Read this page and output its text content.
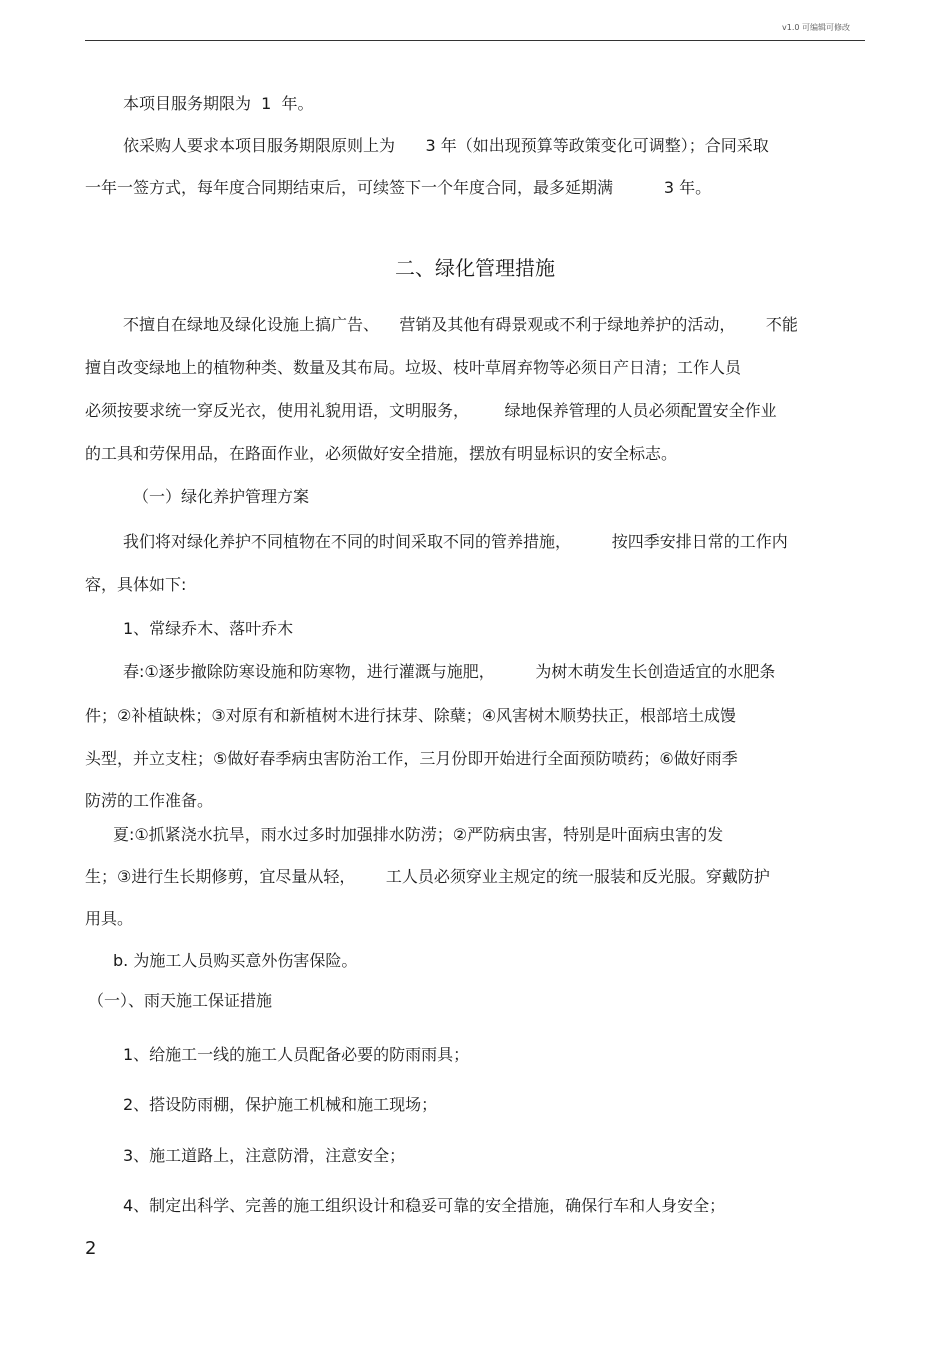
v1.0 可编辑可修改
本项目服务期限为  1  年。
依采购人要求本项目服务期限原则上为      3 年（如出现预算等政策变化可调整）；合同采取
一年一签方式，每年度合同期结束后，可续签下一个年度合同，最多延期满          3 年。
二、绿化管理措施
不擅自在绿地及绿化设施上搞广告、    营销及其他有碍景观或不利于绿地养护的活动，      不能
擅自改变绿地上的植物种类、数量及其布局。垃圾、枝叶草屑弃物等必须日产日清；工作人员
必须按要求统一穿反光衣，使用礼貌用语，文明服务，       绿地保养管理的人员必须配置安全作业
的工具和劳保用品，在路面作业，必须做好安全措施，摆放有明显标识的安全标志。
（一）绿化养护管理方案
我们将对绿化养护不同植物在不同的时间采取不同的管养措施，        按四季安排日常的工作内
容，具体如下:
1、常绿乔木、落叶乔木
春:①逐步撤除防寒设施和防寒物，进行灌溉与施肥，        为树木萌发生长创造适宜的水肥条
件；②补植缺株；③对原有和新植树木进行抹芽、除蘖；④风害树木顺势扶正，根部培土成馒
头型，并立支柱；⑤做好春季病虫害防治工作，三月份即开始进行全面预防喷药；⑥做好雨季
防涝的工作准备。
夏:①抓紧浇水抗旱，雨水过多时加强排水防涝；②严防病虫害，特别是叶面病虫害的发
生；③进行生长期修剪，宜尽量从轻，      工人员必须穿业主规定的统一服装和反光服。穿戴防护
用具。
b. 为施工人员购买意外伤害保险。
（一）、雨天施工保证措施
1、给施工一线的施工人员配备必要的防雨雨具；
2、搭设防雨棚，保护施工机械和施工现场；
3、施工道路上，注意防滑，注意安全；
4、制定出科学、完善的施工组织设计和稳妥可靠的安全措施，确保行车和人身安全；
2
